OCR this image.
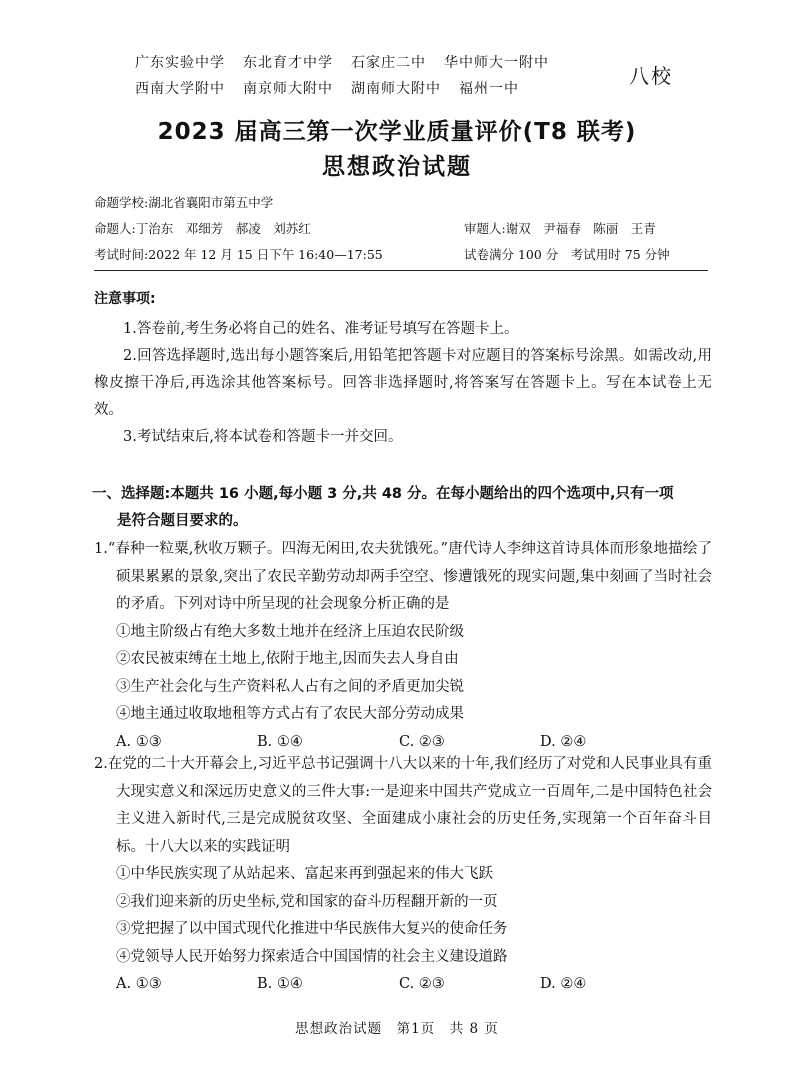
广东实验中学 东北育才中学 石家庄二中 华中师大一附中
西南大学附中 南京师大附中 湖南师大附中 福州一中
八校
2023 届高三第一次学业质量评价(T8 联考)
思想政治试题
命题学校:湖北省襄阳市第五中学
命题人:丁治东　邓细芳　郝凌　刘苏红	审题人:谢双　尹福春　陈丽　王青
考试时间:2022 年 12 月 15 日下午 16:40—17:55	试卷满分 100 分　考试用时 75 分钟
注意事项:

1.答卷前,考生务必将自己的姓名、准考证号填写在答题卡上。

2.回答选择题时,选出每小题答案后,用铅笔把答题卡对应题目的答案标号涂黑。如需改动,用橡皮擦干净后,再选涂其他答案标号。回答非选择题时,将答案写在答题卡上。写在本试卷上无效。

3.考试结束后,将本试卷和答题卡一并交回。

一、选择题:本题共 16 小题,每小题 3 分,共 48 分。在每小题给出的四个选项中,只有一项
是符合题目要求的。
1.“春种一粒粟,秋收万颗子。四海无闲田,农夫犹饿死。”唐代诗人李绅这首诗具体而形象地描绘了硕果累累的景象,突出了农民辛勤劳动却两手空空、惨遭饿死的现实问题,集中刻画了当时社会的矛盾。下列对诗中所呈现的社会现象分析正确的是
①地主阶级占有绝大多数土地并在经济上压迫农民阶级
②农民被束缚在土地上,依附于地主,因而失去人身自由
③生产社会化与生产资料私人占有之间的矛盾更加尖锐
④地主通过收取地租等方式占有了农民大部分劳动成果
A. ①③	B. ①④	C. ②③	D. ②④
2.在党的二十大开幕会上,习近平总书记强调十八大以来的十年,我们经历了对党和人民事业具有重大现实意义和深远历史意义的三件大事:一是迎来中国共产党成立一百周年,二是中国特色社会主义进入新时代,三是完成脱贫攻坚、全面建成小康社会的历史任务,实现第一个百年奋斗目标。十八大以来的实践证明
①中华民族实现了从站起来、富起来再到强起来的伟大飞跃
②我们迎来新的历史坐标,党和国家的奋斗历程翻开新的一页
③党把握了以中国式现代化推进中华民族伟大复兴的使命任务
④党领导人民开始努力探索适合中国国情的社会主义建设道路
A. ①③	B. ①④	C. ②③	D. ②④
思想政治试题　第1页　共 8 页
